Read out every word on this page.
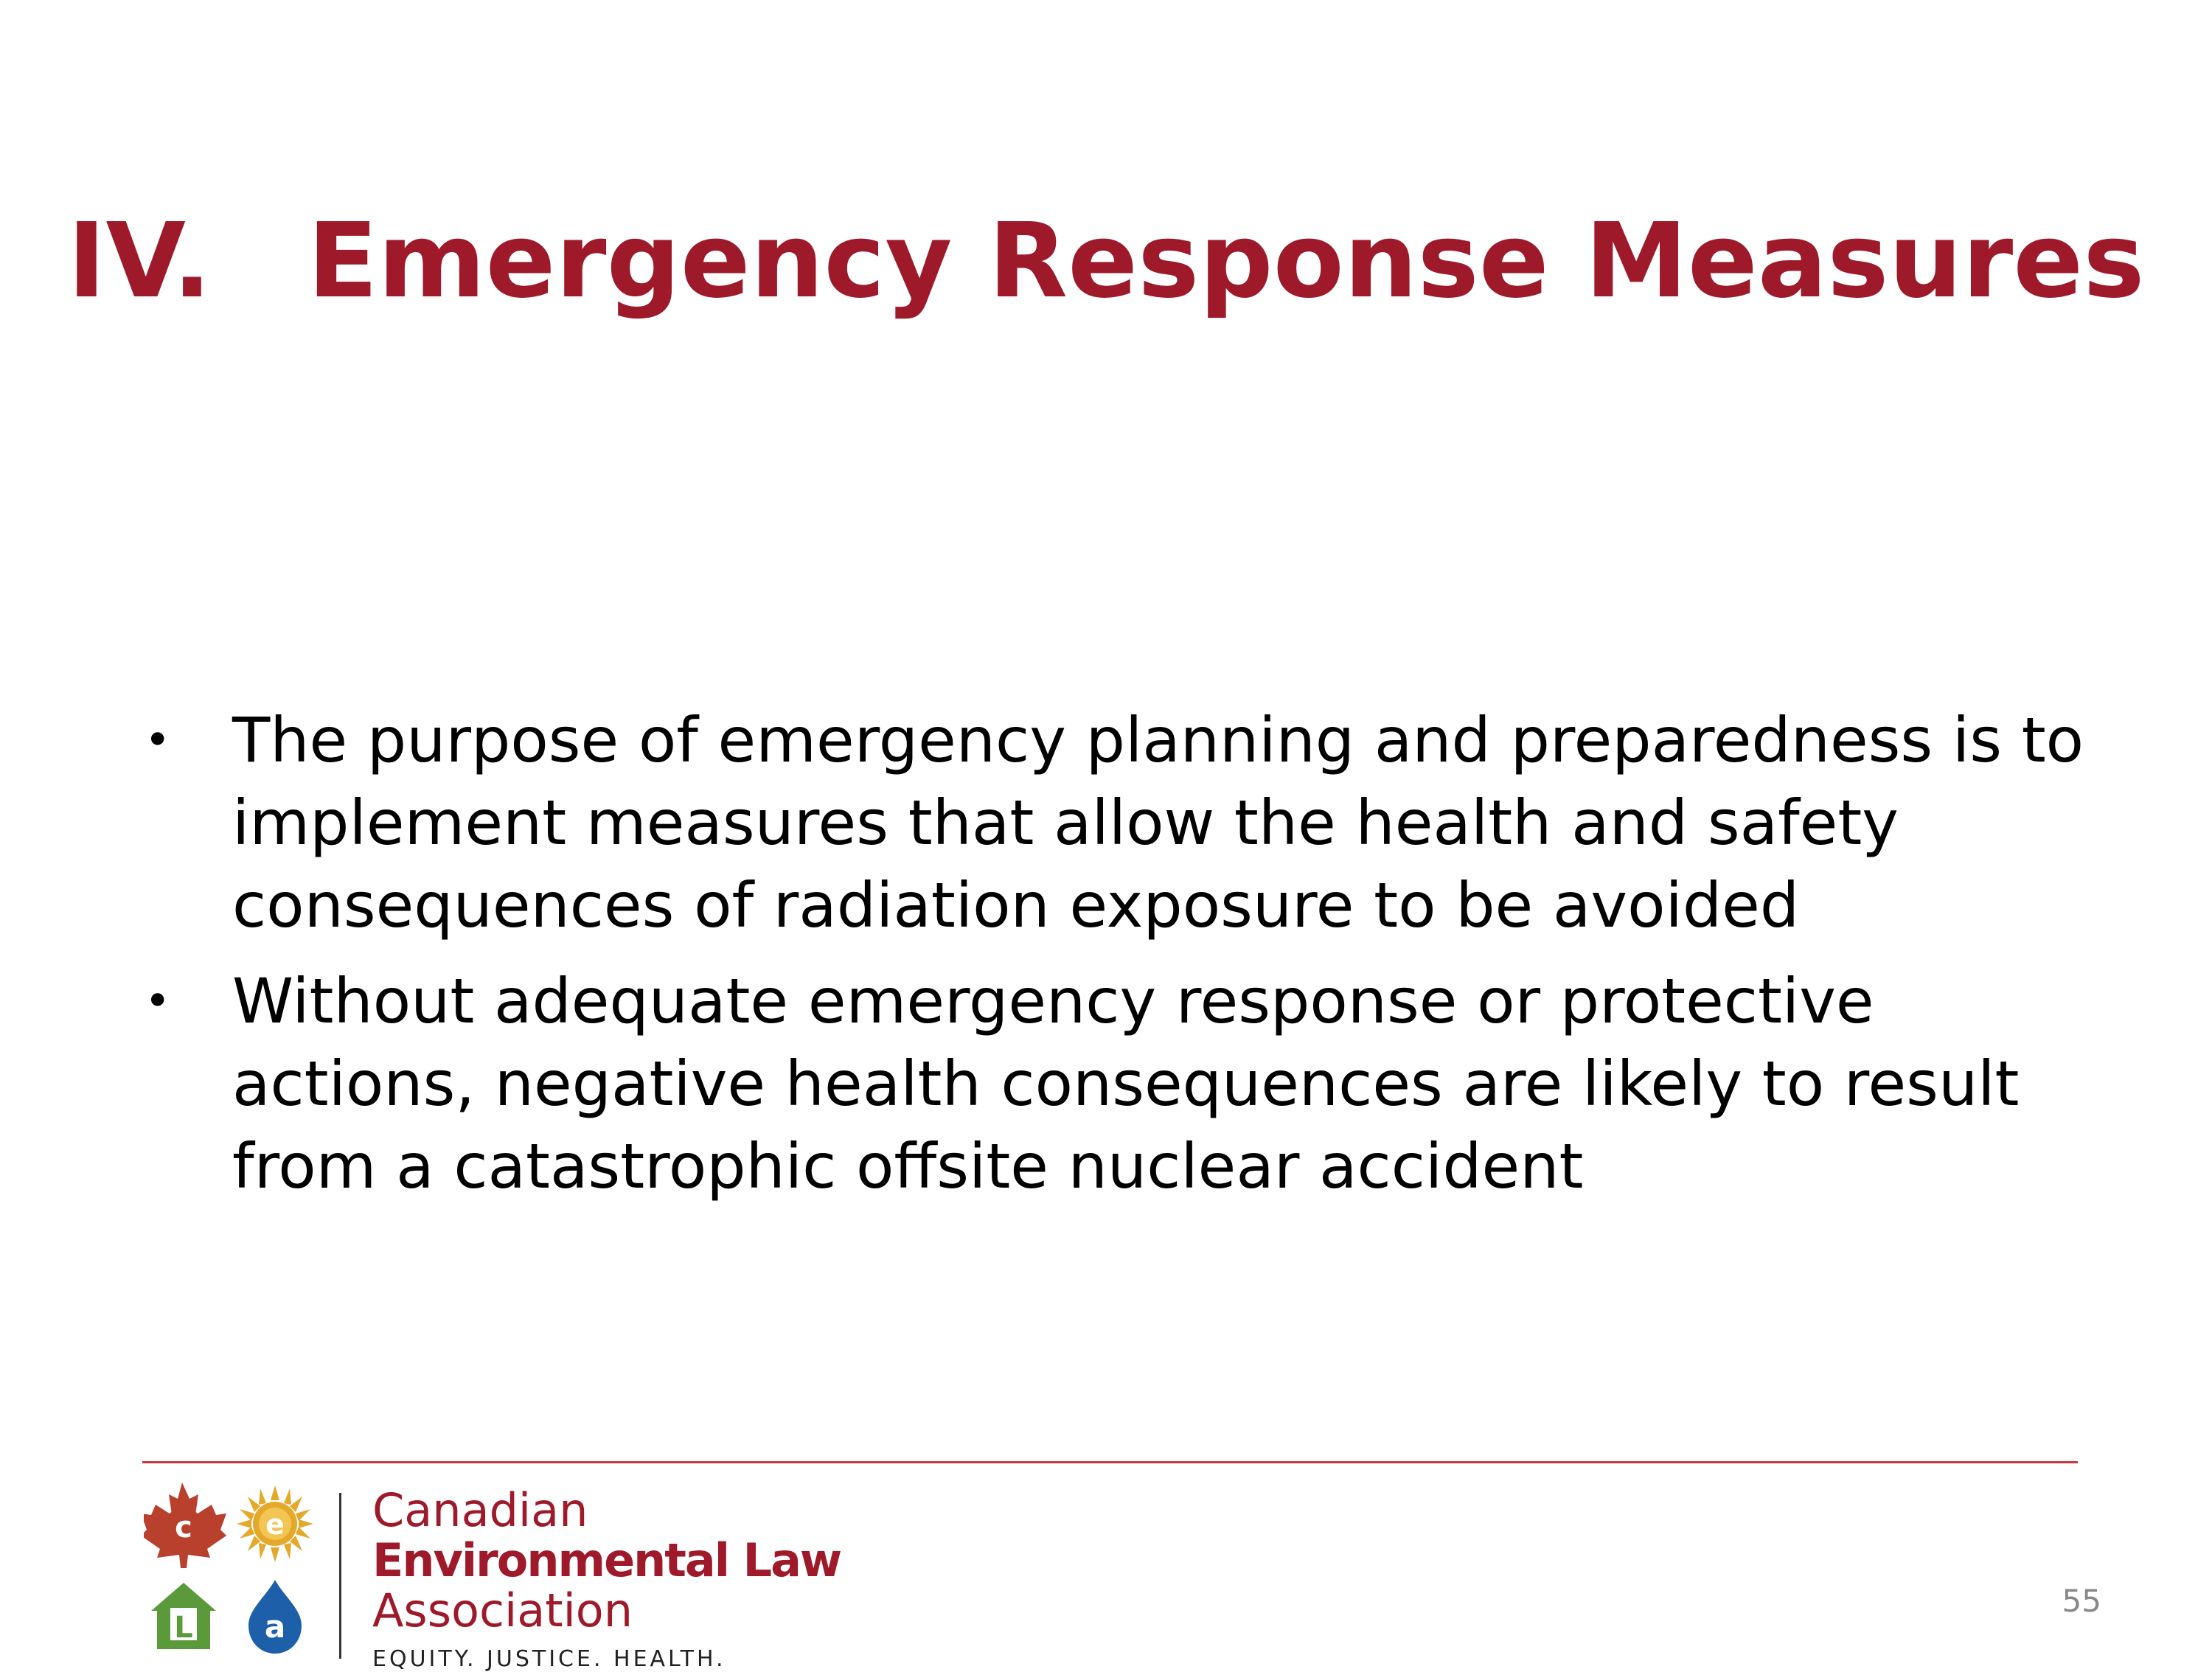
IV. Emergency Response Measures
• The purpose of emergency planning and preparedness is to implement measures that allow the health and safety consequences of radiation exposure to be avoided
• Without adequate emergency response or protective actions, negative health consequences are likely to result from a catastrophic offsite nuclear accident
c	e
L a
Canadian
Environmental Law
Association
EQUITY. JUSTICE. HEALTH.
55
